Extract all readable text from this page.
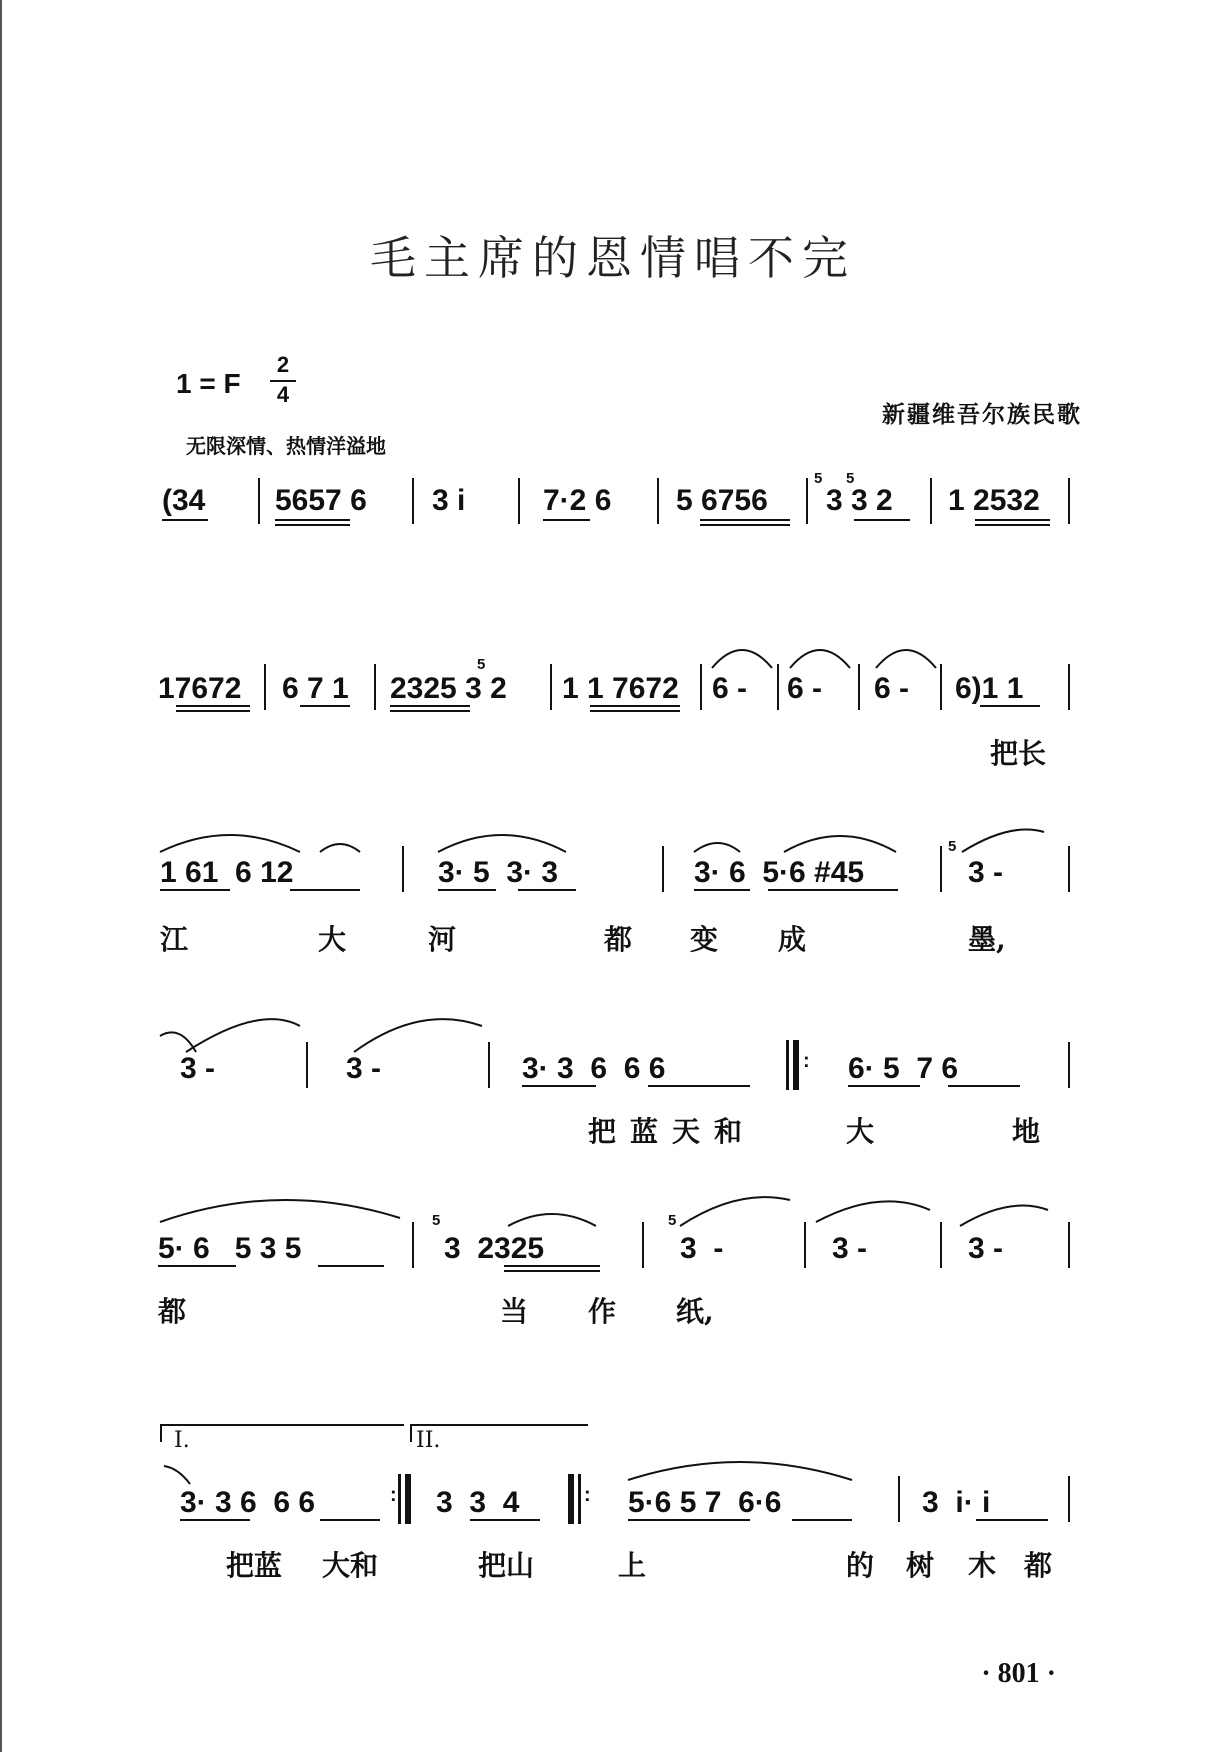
毛主席的恩情唱不完
1 = F
2
4
新疆维吾尔族民歌
无限深情、热情洋溢地
(34 5657 6 3 i	7·2 6 5 6756
5 5
3 3 2 1 2532
17672 6 7 1
5
2325 3 2 1 1 7672 6 - 6 - 6 - 6)1 1
把长
1 61  6 12	3· 5  3· 3	3· 6  5·6 #45
5
3 -
江	大	河	都 变 成	墨,
3 -	3 -	3· 3  6  6 6	: 6· 5  7 6
把蓝天和	大	地
5· 6   5 3 5
5
3  2325
5
3  -	3 -	3 -
都	当 作 纸,
I.	II.
3· 3 6  6 6	: 3  3  4	: 5·6 5 7  6·6	3  i· i
把蓝 大和	把山	上	的 树 木 都
· 801 ·
